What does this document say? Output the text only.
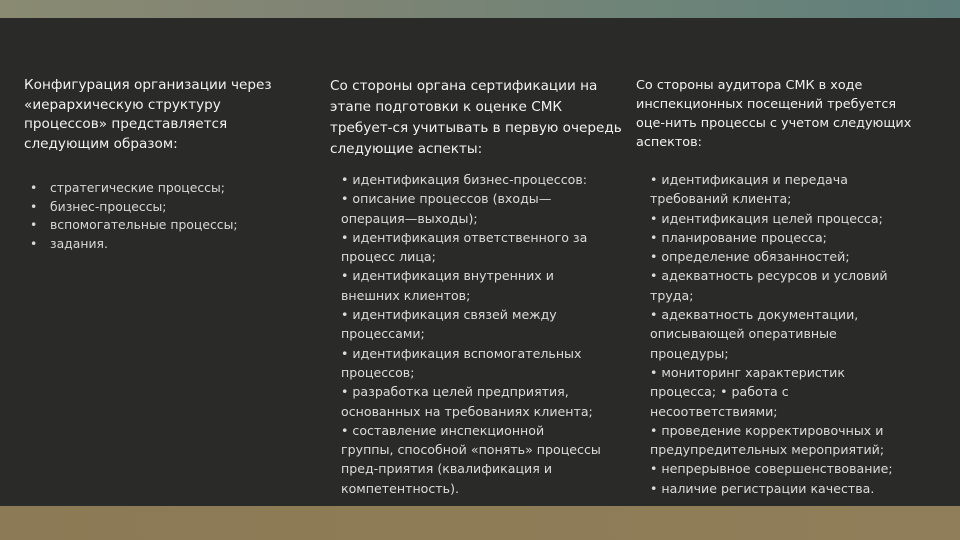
Конфигурация организации через
«иерархическую структуру
процессов» представляется
следующим образом:
• стратегические процессы;
• бизнес-процессы;
• вспомогательные процессы;
• задания.
Со стороны органа сертификации на
этапе подготовки к оценке СМК
требует-ся учитывать в первую очередь
следующие аспекты:
• идентификация бизнес-процессов:
• описание процессов (входы—
операция—выходы);
• идентификация ответственного за
процесс лица;
• идентификация внутренних и
внешних клиентов;
• идентификация связей между
процессами;
• идентификация вспомогательных
процессов;
• разработка целей предприятия,
основанных на требованиях клиента;
• составление инспекционной
группы, способной «понять» процессы
пред-приятия (квалификация и
компетентность).
Со стороны аудитора СМК в ходе
инспекционных посещений требуется
оце-нить процессы с учетом следующих
аспектов:
• идентификация и передача
требований клиента;
• идентификация целей процесса;
• планирование процесса;
• определение обязанностей;
• адекватность ресурсов и условий
труда;
• адекватность документации,
описывающей оперативные
процедуры;
• мониторинг характеристик
процесса; • работа с
несоответствиями;
• проведение корректировочных и
предупредительных мероприятий;
• непрерывное совершенствование;
• наличие регистрации качества.
